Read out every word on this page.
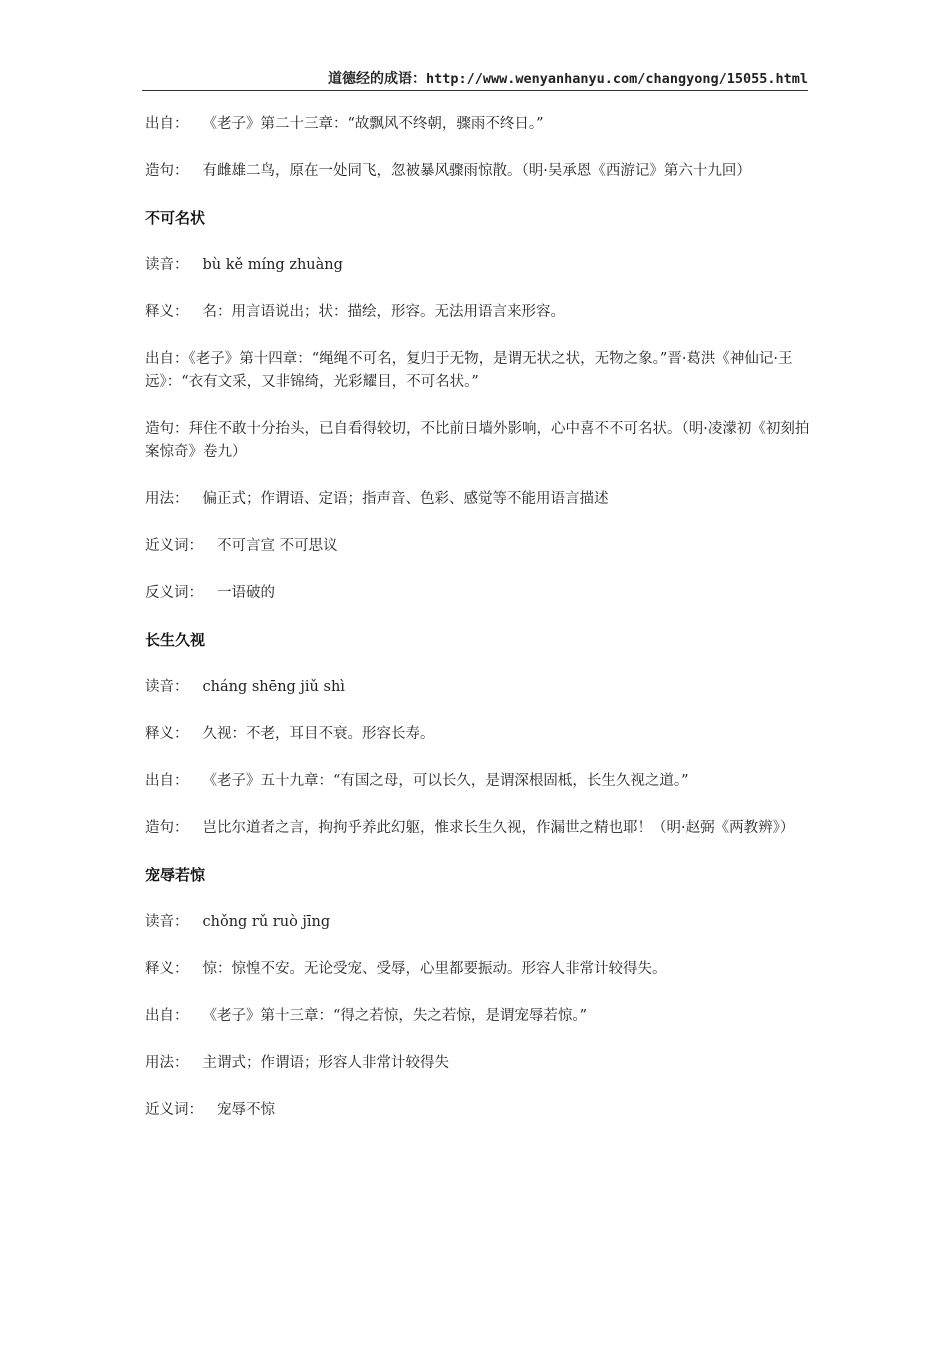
道德经的成语：http://www.wenyanhanyu.com/changyong/15055.html

出自： 《老子》第二十三章：“故飘风不终朝，骤雨不终日。”

造句： 有雌雄二鸟，原在一处同飞，忽被暴风骤雨惊散。（明·吴承恩《西游记》第六十九回）

不可名状

读音： bù kě míng zhuàng

释义： 名：用言语说出；状：描绘，形容。无法用语言来形容。

出自：《老子》第十四章：“绳绳不可名，复归于无物，是谓无状之状，无物之象。”晋·葛洪《神仙记·王远》：“衣有文采，又非锦绮，光彩耀目，不可名状。”

造句：拜住不敢十分抬头，已自看得较切，不比前日墙外影响，心中喜不不可名状。（明·凌濛初《初刻拍案惊奇》卷九）

用法： 偏正式；作谓语、定语；指声音、色彩、感觉等不能用语言描述

近义词： 不可言宣 不可思议

反义词： 一语破的

长生久视

读音： cháng shēng jiǔ shì

释义： 久视：不老，耳目不衰。形容长寿。

出自： 《老子》五十九章：“有国之母，可以长久，是谓深根固柢，长生久视之道。”

造句： 岂比尔道者之言，拘拘乎养此幻躯，惟求长生久视，作漏世之精也耶！（明·赵弼《两教辨》）

宠辱若惊

读音： chǒng rǔ ruò jīng

释义： 惊：惊惶不安。无论受宠、受辱，心里都要振动。形容人非常计较得失。

出自： 《老子》第十三章：“得之若惊，失之若惊，是谓宠辱若惊。”

用法： 主谓式；作谓语；形容人非常计较得失

近义词： 宠辱不惊
